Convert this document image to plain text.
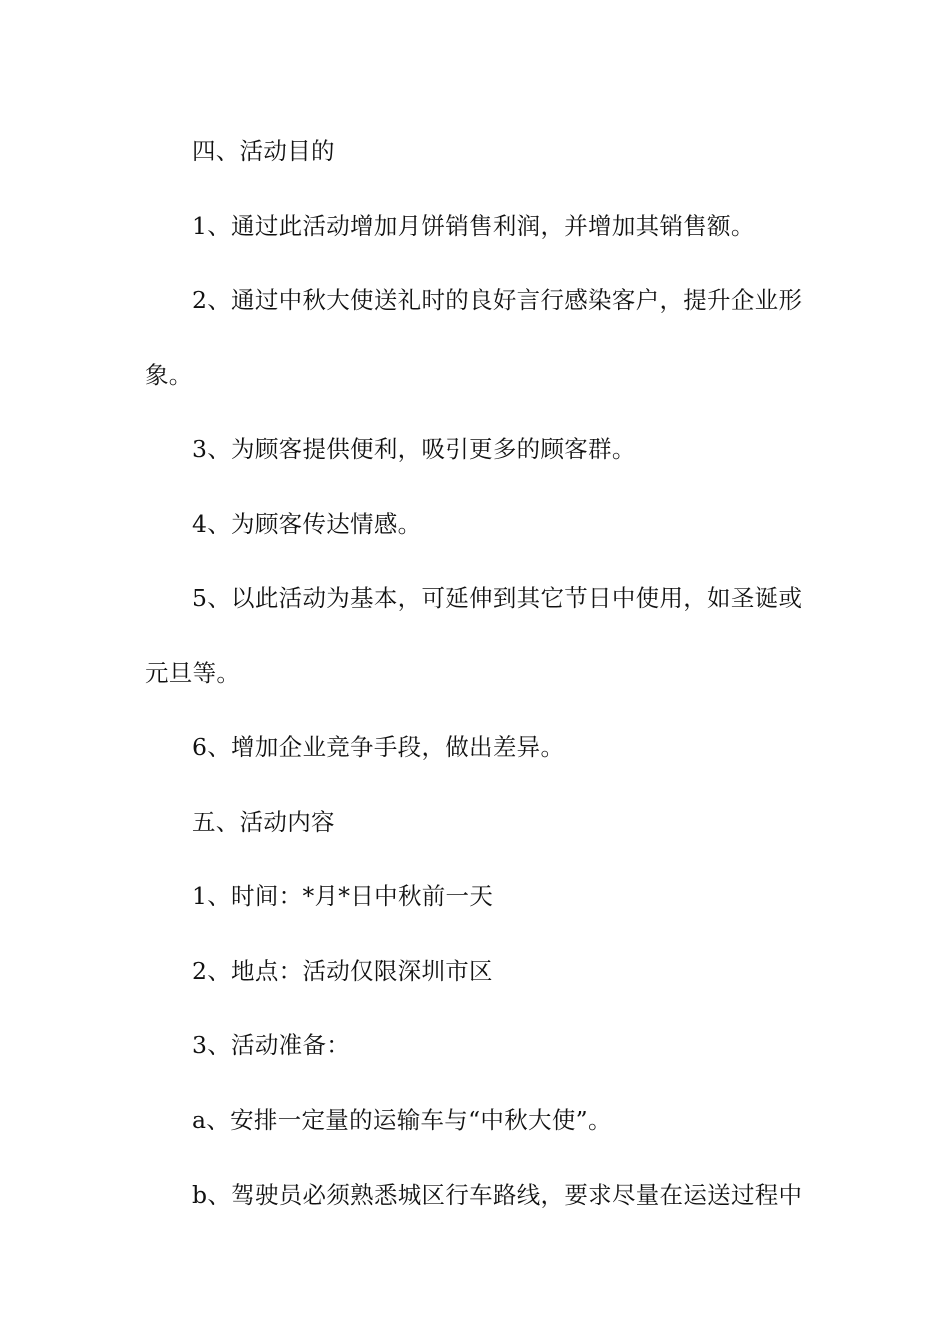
四、活动目的
1、通过此活动增加月饼销售利润，并增加其销售额。
2、通过中秋大使送礼时的良好言行感染客户，提升企业形
象。
3、为顾客提供便利，吸引更多的顾客群。
4、为顾客传达情感。
5、以此活动为基本，可延伸到其它节日中使用，如圣诞或
元旦等。
6、增加企业竞争手段，做出差异。
五、活动内容
1、时间：*月*日中秋前一天
2、地点：活动仅限深圳市区
3、活动准备：
a、安排一定量的运输车与“中秋大使”。
b、驾驶员必须熟悉城区行车路线，要求尽量在运送过程中
